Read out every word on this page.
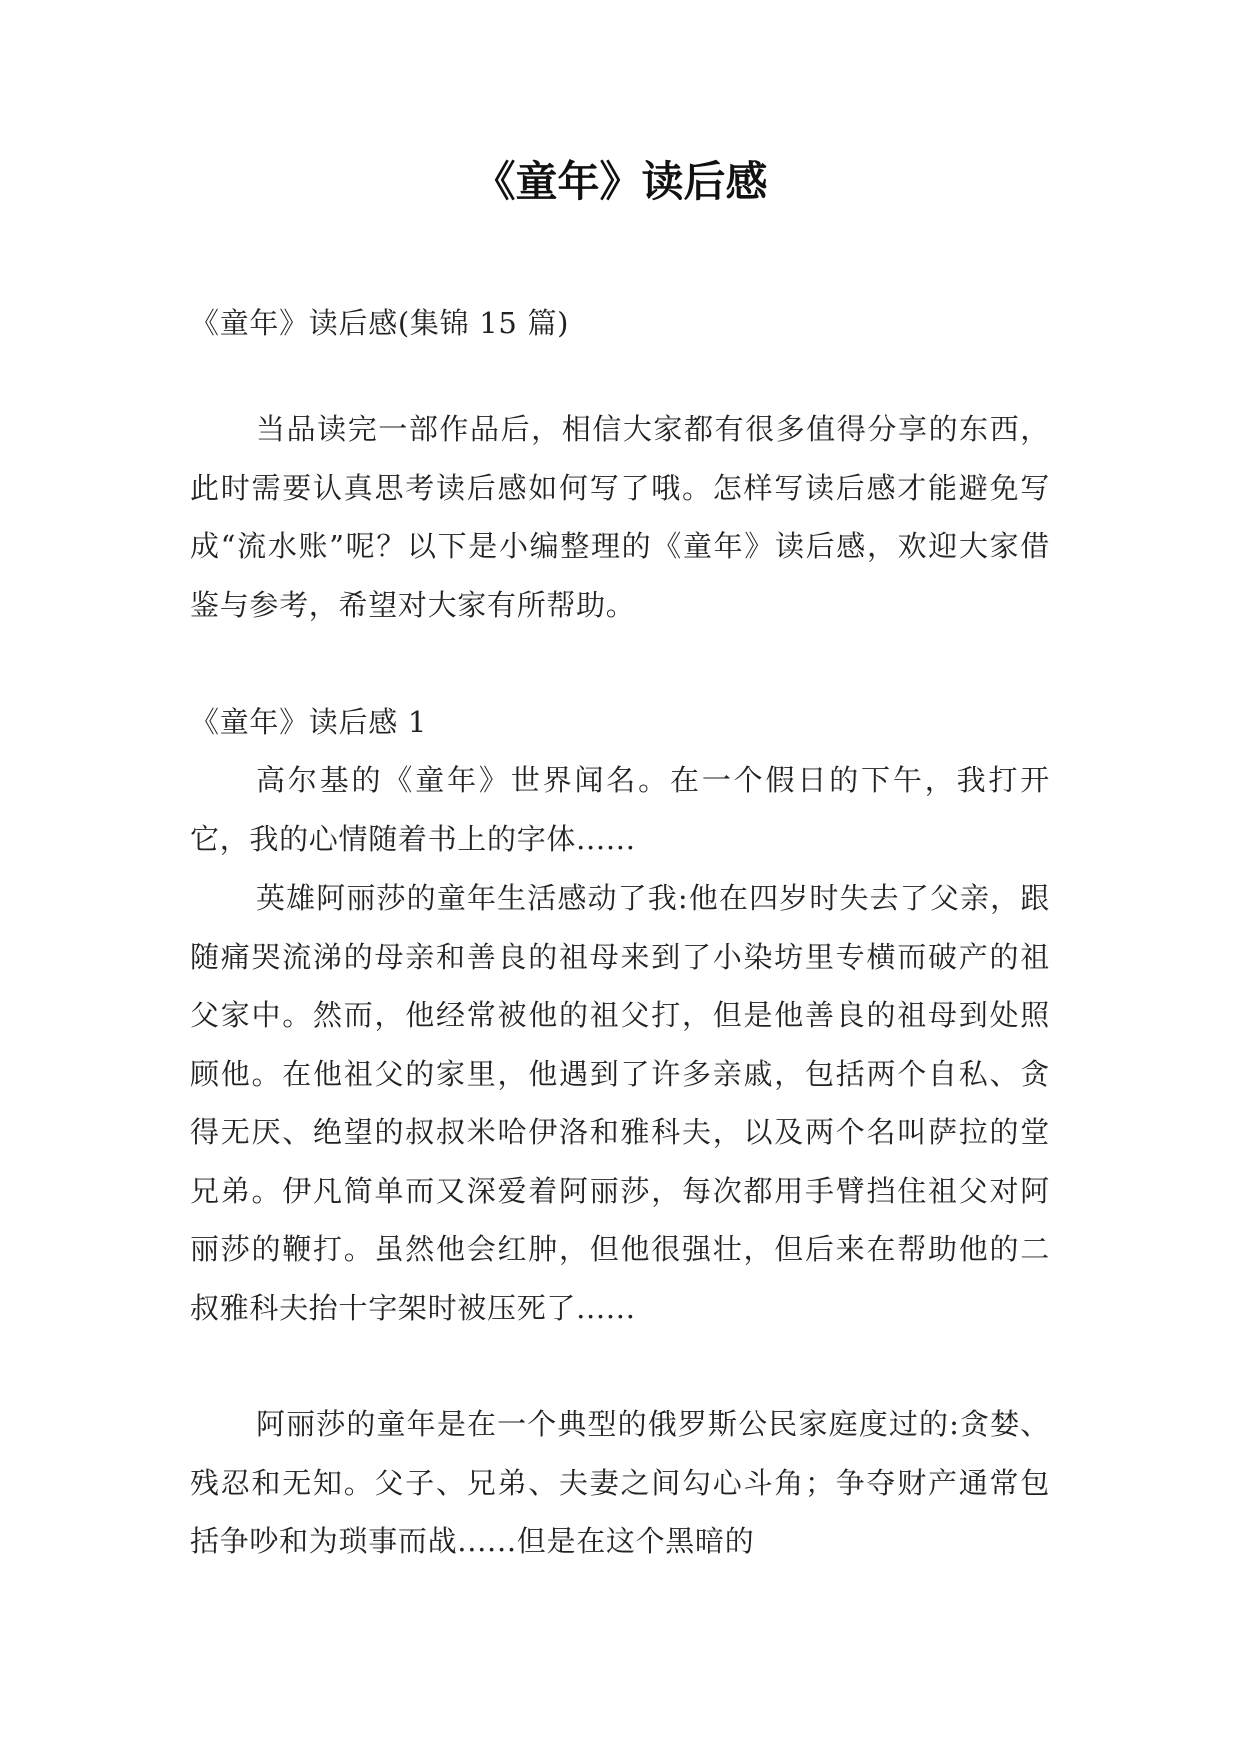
《童年》读后感

《童年》读后感(集锦 15 篇)

当品读完一部作品后，相信大家都有很多值得分享的东西，此时需要认真思考读后感如何写了哦。怎样写读后感才能避免写成“流水账”呢？以下是小编整理的《童年》读后感，欢迎大家借鉴与参考，希望对大家有所帮助。

《童年》读后感 1

高尔基的《童年》世界闻名。在一个假日的下午，我打开它，我的心情随着书上的字体......

英雄阿丽莎的童年生活感动了我:他在四岁时失去了父亲，跟随痛哭流涕的母亲和善良的祖母来到了小染坊里专横而破产的祖父家中。然而，他经常被他的祖父打，但是他善良的祖母到处照顾他。在他祖父的家里，他遇到了许多亲戚，包括两个自私、贪得无厌、绝望的叔叔米哈伊洛和雅科夫，以及两个名叫萨拉的堂兄弟。伊凡简单而又深爱着阿丽莎，每次都用手臂挡住祖父对阿丽莎的鞭打。虽然他会红肿，但他很强壮，但后来在帮助他的二叔雅科夫抬十字架时被压死了......

阿丽莎的童年是在一个典型的俄罗斯公民家庭度过的:贪婪、残忍和无知。父子、兄弟、夫妻之间勾心斗角；争夺财产通常包括争吵和为琐事而战......但是在这个黑暗的
